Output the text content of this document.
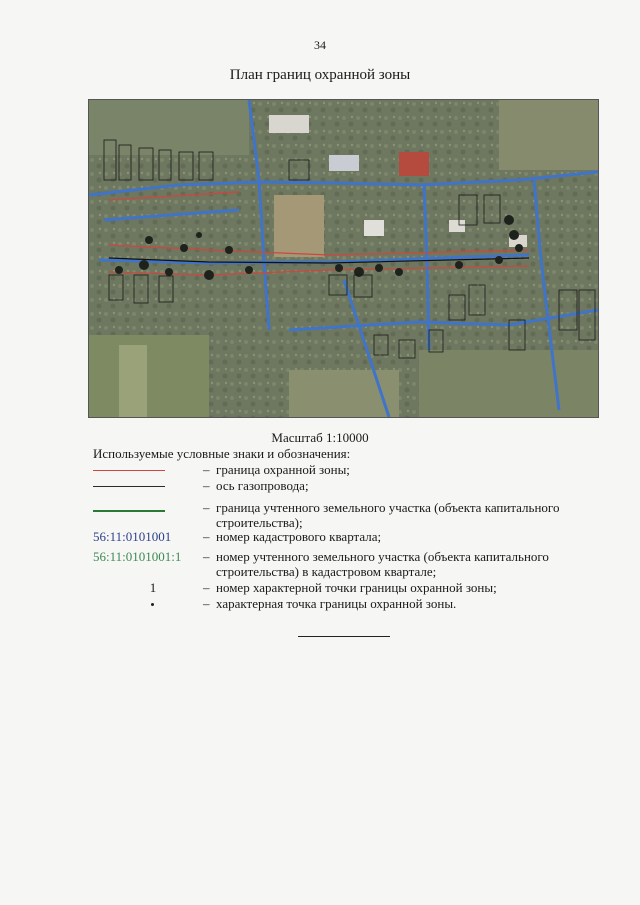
34
План границ охранной зоны
Масштаб 1:10000
Используемые условные знаки и обозначения:
– граница охранной зоны;
– ось газопровода;
– граница учтенного земельного участка (объекта капитального строительства);
56:11:0101001	– номер кадастрового квартала;
56:11:0101001:1	– номер учтенного земельного участка (объекта капитального строительства) в кадастровом квартале;
1	– номер характерной точки границы охранной зоны;
– характерная точка границы охранной зоны.
